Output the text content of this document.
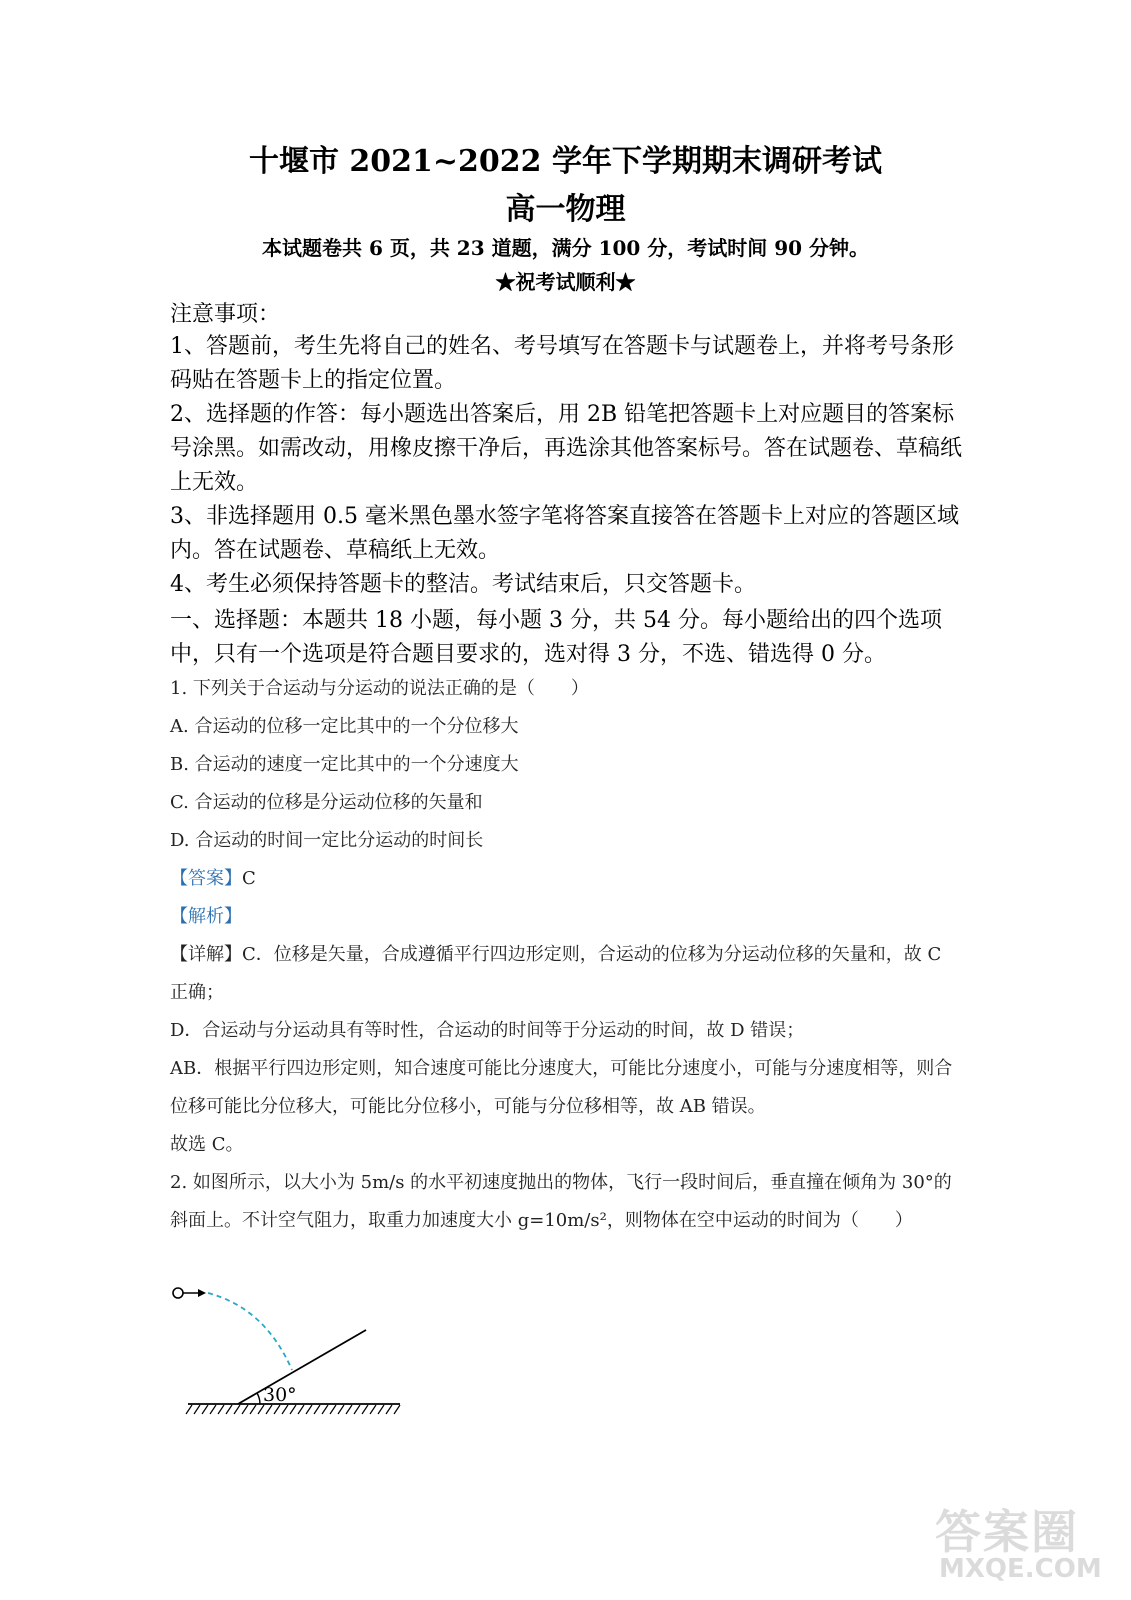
十堰市 2021~2022 学年下学期期末调研考试
高一物理
本试题卷共 6 页，共 23 道题，满分 100 分，考试时间 90 分钟。
★祝考试顺利★

注意事项：

1、答题前，考生先将自己的姓名、考号填写在答题卡与试题卷上，并将考号条形码贴在答题卡上的指定位置。

2、选择题的作答：每小题选出答案后，用 2B 铅笔把答题卡上对应题目的答案标号涂黑。如需改动，用橡皮擦干净后，再选涂其他答案标号。答在试题卷、草稿纸上无效。

3、非选择题用 0.5 毫米黑色墨水签字笔将答案直接答在答题卡上对应的答题区域内。答在试题卷、草稿纸上无效。

4、考生必须保持答题卡的整洁。考试结束后，只交答题卡。

一、选择题：本题共 18 小题，每小题 3 分，共 54 分。每小题给出的四个选项中，只有一个选项是符合题目要求的，选对得 3 分，不选、错选得 0 分。

1. 下列关于合运动与分运动的说法正确的是（　　）
A. 合运动的位移一定比其中的一个分位移大
B. 合运动的速度一定比其中的一个分速度大
C. 合运动的位移是分运动位移的矢量和
D. 合运动的时间一定比分运动的时间长
【答案】C
【解析】
【详解】C．位移是矢量，合成遵循平行四边形定则，合运动的位移为分运动位移的矢量和，故 C 正确；
D．合运动与分运动具有等时性，合运动的时间等于分运动的时间，故 D 错误；
AB．根据平行四边形定则，知合速度可能比分速度大，可能比分速度小，可能与分速度相等，则合位移可能比分位移大，可能比分位移小，可能与分位移相等，故 AB 错误。
故选 C。
2. 如图所示，以大小为 5m/s 的水平初速度抛出的物体，飞行一段时间后，垂直撞在倾角为 30°的斜面上。不计空气阻力，取重力加速度大小 g=10m/s²，则物体在空中运动的时间为（　　）
30°
答案圈
MXQE.COM
